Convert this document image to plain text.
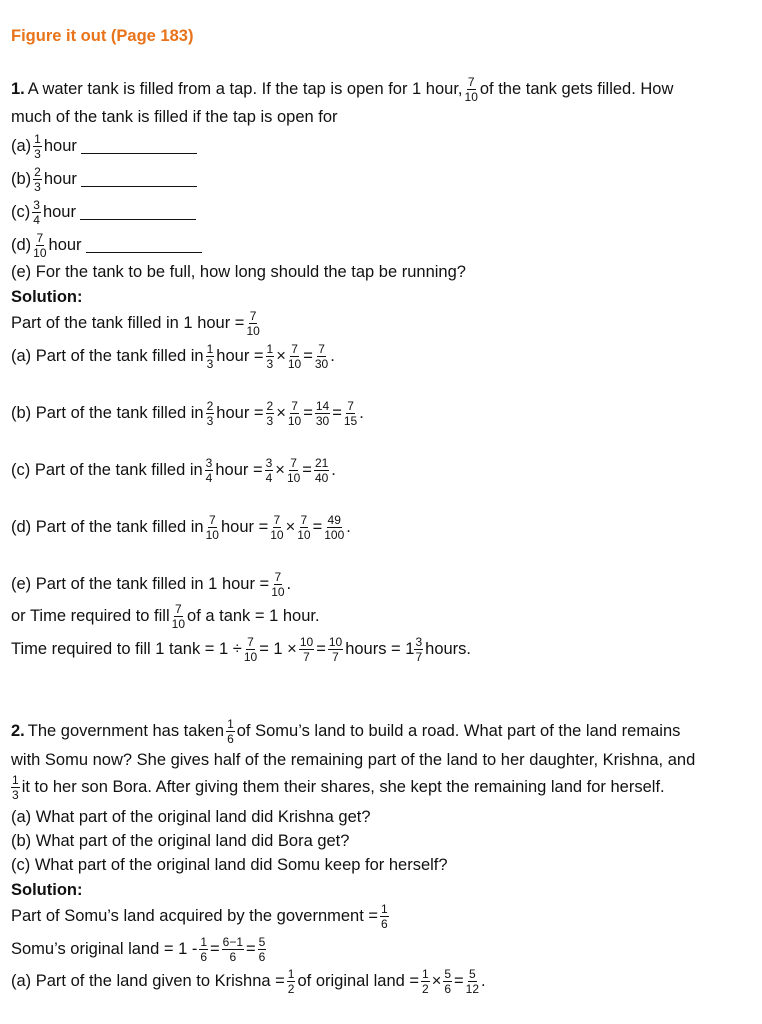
Figure it out (Page 183)
1. A water tank is filled from a tap. If the tap is open for 1 hour, $\frac{7}{10}$ of the tank gets filled. How
much of the tank is filled if the tap is open for
$(a) \frac{1}{3}$ hour
$(b) \frac{2}{3}$ hour
$(c) \frac{3}{4}$ hour
$(d) \frac{7}{10}$ hour
(e) For the tank to be full, how long should the tap be running?
Solution:
Part of the tank filled in 1 hour = $\frac{7}{10}$
(a) Part of the tank filled in $\frac{1}{3}$ hour = $\frac{1}{3} \times \frac{7}{10} = \frac{7}{30}$ .
(b) Part of the tank filled in $\frac{2}{3}$ hour = $\frac{2}{3} \times \frac{7}{10} = \frac{14}{30} = \frac{7}{15}$ .
(c) Part of the tank filled in $\frac{3}{4}$ hour = $\frac{3}{4} \times \frac{7}{10} = \frac{21}{40}$ .
(d) Part of the tank filled in $\frac{7}{10}$ hour = $\frac{7}{10} \times \frac{7}{10} = \frac{49}{100}$ .
(e) Part of the tank filled in 1 hour = $\frac{7}{10}$ .
or Time required to fill $\frac{7}{10}$ of a tank = 1 hour.
Time required to fill 1 $\tan k = 1 \div \frac{7}{10} = 1 \times \frac{10}{7} = \frac{10}{7}$ hours = $1 \frac{3}{7}$ hours.
2. The government has taken $\frac{1}{6}$ of Somu’s land to build a road. What part of the land remains
with Somu now? She gives half of the remaining part of the land to her daughter, Krishna, and
$\frac{1}{3}$ it to her son Bora. After giving them their shares, she kept the remaining land for herself.
(a) What part of the original land did Krishna get?
(b) What part of the original land did Bora get?
(c) What part of the original land did Somu keep for herself?
Solution:
Part of Somu’s land acquired by the government = $\frac{1}{6}$
Somu’s original land = $1 - \frac{1}{6} = \frac{6-1}{6} = \frac{5}{6}$
(a) Part of the land given to Krishna = $\frac{1}{2}$ of original land = $\frac{1}{2} \times \frac{5}{6} = \frac{5}{12}$ .
